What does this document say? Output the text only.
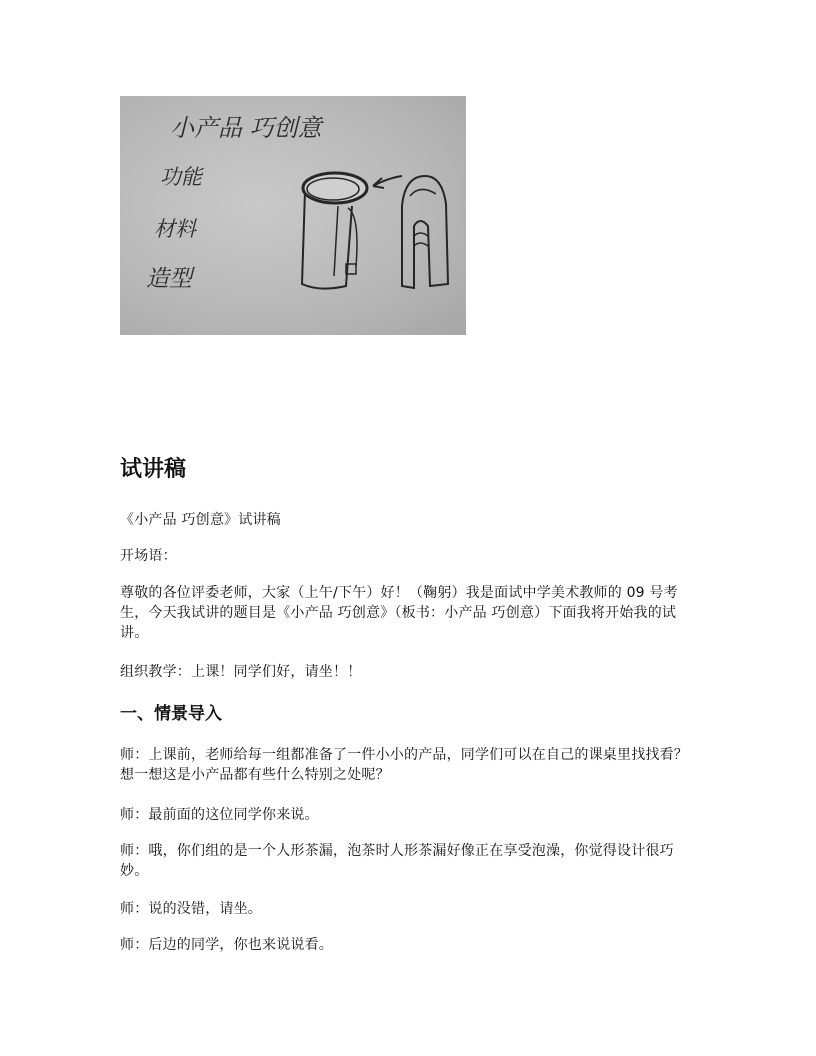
小产品 巧创意
功能
材料
造型
试讲稿

《小产品 巧创意》试讲稿

开场语：

尊敬的各位评委老师，大家（上午/下午）好！（鞠躬）我是面试中学美术教师的 09 号考生，今天我试讲的题目是《小产品 巧创意》（板书：小产品 巧创意）下面我将开始我的试讲。

组织教学：上课！同学们好，请坐！！

一、情景导入

师：上课前，老师给每一组都准备了一件小小的产品，同学们可以在自己的课桌里找找看？想一想这是小产品都有些什么特别之处呢？

师：最前面的这位同学你来说。

师：哦，你们组的是一个人形茶漏，泡茶时人形茶漏好像正在享受泡澡，你觉得设计很巧妙。

师：说的没错，请坐。

师：后边的同学，你也来说说看。
